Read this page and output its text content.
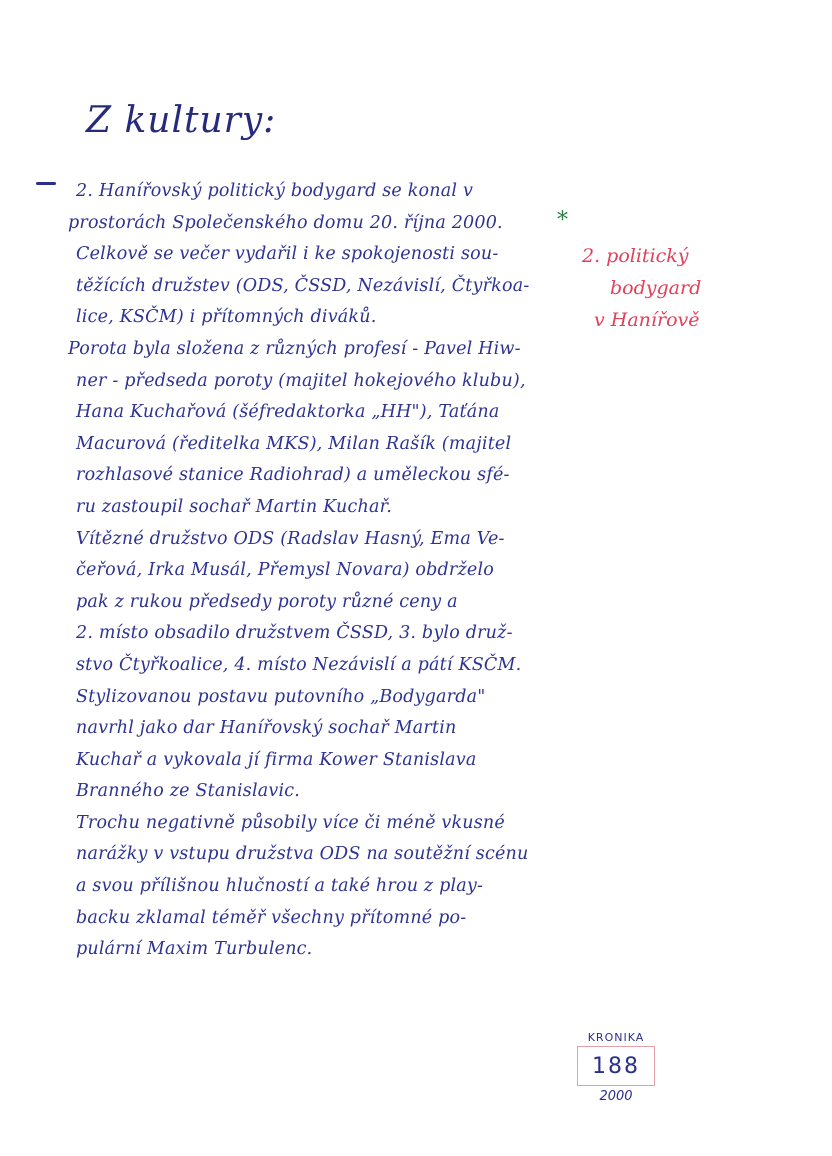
Z kultury:
2. Hanířovský politický bodygard se konal v
prostorách Společenského domu 20. října 2000.
Celkově se večer vydařil i ke spokojenosti sou-
těžících družstev (ODS, ČSSD, Nezávislí, Čtyřkoa-
lice, KSČM) i přítomných diváků.
Porota byla složena z různých profesí - Pavel Hiw-
ner - předseda poroty (majitel hokejového klubu),
Hana Kuchařová (šéfredaktorka „HH"), Taťána
Macurová (ředitelka MKS), Milan Rašík (majitel
rozhlasové stanice Radiohrad) a uměleckou sfé-
ru zastoupil sochař Martin Kuchař.
Vítězné družstvo ODS (Radslav Hasný, Ema Ve-
čeřová, Irka Musál, Přemysl Novara) obdrželo
pak z rukou předsedy poroty různé ceny a
2. místo obsadilo družstvem ČSSD, 3. bylo druž-
stvo Čtyřkoalice, 4. místo Nezávislí a pátí KSČM.
Stylizovanou postavu putovního „Bodygarda"
navrhl jako dar Hanířovský sochař Martin
Kuchař a vykovala jí firma Kower Stanislava
Branného ze Stanislavic.
Trochu negativně působily více či méně vkusné
narážky v vstupu družstva ODS na soutěžní scénu
a svou přílišnou hlučností a také hrou z play-
backu zklamal téměř všechny přítomné po-
pulární Maxim Turbulenc.
*
2. politický
bodygard
v Hanířově
KRONIKA
188
2000
